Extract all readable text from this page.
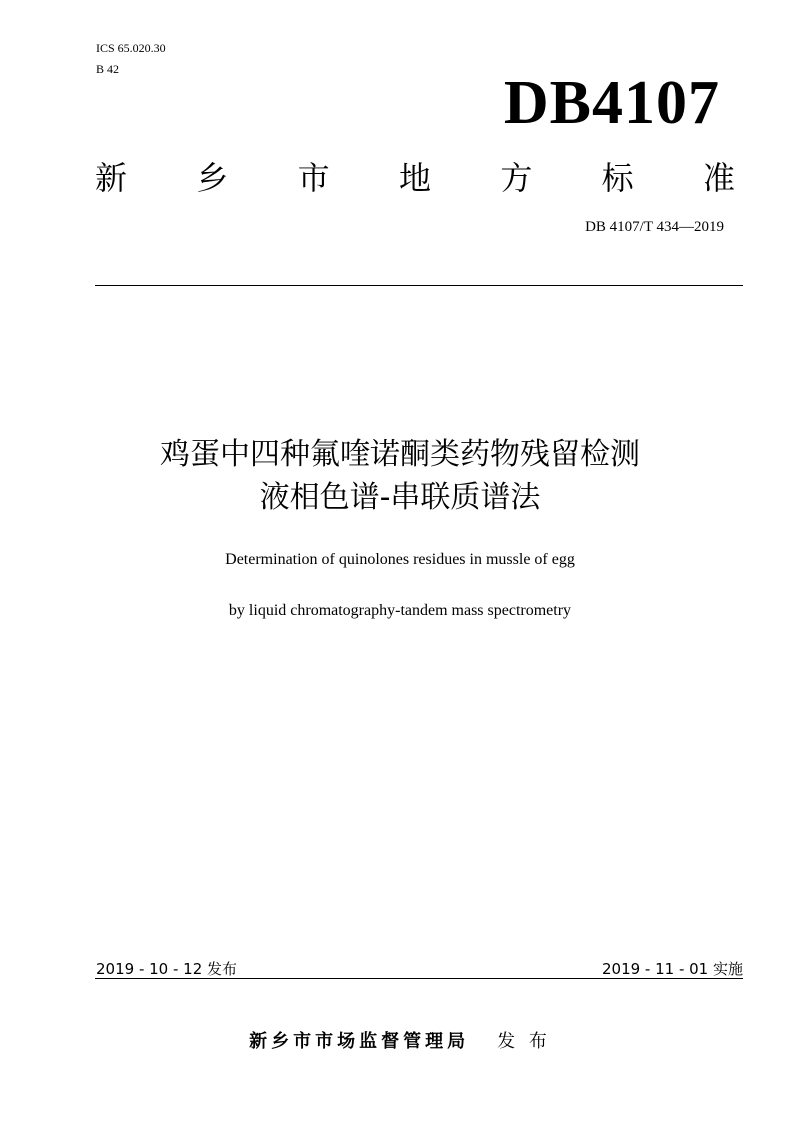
ICS 65.020.30
B 42	DB4107
新 乡 市 地 方 标 准
DB 4107/T 434—2019
鸡蛋中四种氟喹诺酮类药物残留检测
液相色谱-串联质谱法
Determination of quinolones residues in mussle of egg
by liquid chromatography-tandem mass spectrometry
2019 - 10 - 12 发布	2019 - 11 - 01 实施
新乡市市场监督管理局 发 布
